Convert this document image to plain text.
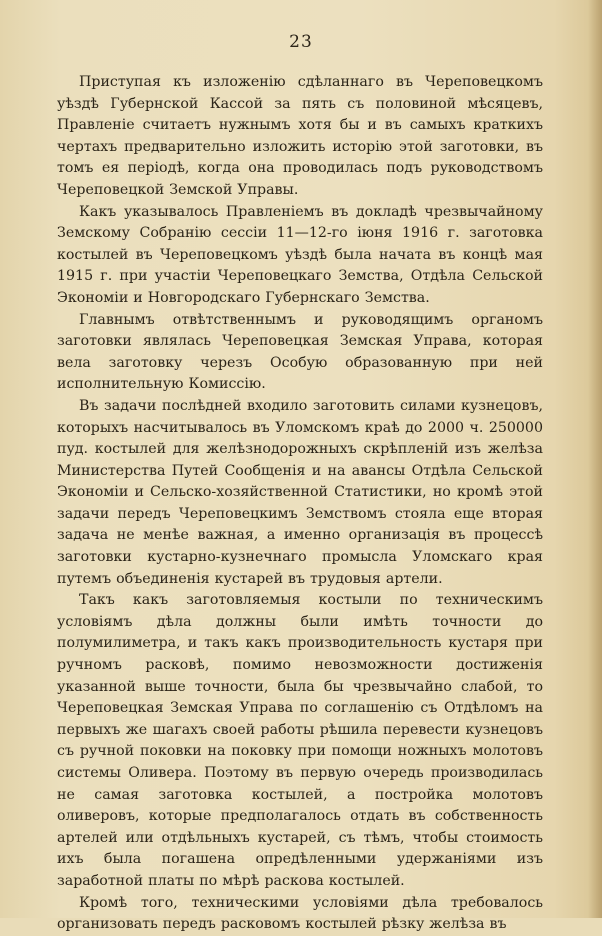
23

Приступая къ изложенію сдѣланнаго въ Череповецкомъ уѣздѣ Губернской Кассой за пять съ половиной мѣсяцевъ, Правленіе считаетъ нужнымъ хотя бы и въ самыхъ краткихъ чертахъ предварительно изложить исторію этой заготовки, въ томъ ея періодѣ, когда она проводилась подъ руководствомъ Череповецкой Земской Управы.

Какъ указывалось Правленіемъ въ докладѣ чрезвычайному Земскому Собранію сессіи 11—12-го іюня 1916 г. заготовка костылей въ Череповецкомъ уѣздѣ была начата въ концѣ мая 1915 г. при участіи Череповецкаго Земства, Отдѣла Сельской Экономіи и Новгородскаго Губернскаго Земства.

Главнымъ отвѣтственнымъ и руководящимъ органомъ заготовки являлась Череповецкая Земская Управа, которая вела заготовку черезъ Особую образованную при ней исполнительную Комиссію.

Въ задачи послѣдней входило заготовить силами кузнецовъ, которыхъ насчитывалось въ Уломскомъ краѣ до 2000 ч. 250000 пуд. костылей для желѣзнодорожныхъ скрѣпленій изъ желѣза Министерства Путей Сообщенія и на авансы Отдѣла Сельской Экономіи и Сельско-хозяйственной Статистики, но кромѣ этой задачи передъ Череповецкимъ Земствомъ стояла еще вторая задача не менѣе важная, а именно организація въ процессѣ заготовки кустарно-кузнечнаго промысла Уломскаго края путемъ объединенія кустарей въ трудовыя артели.

Такъ какъ заготовляемыя костыли по техническимъ условіямъ дѣла должны были имѣть точности до полумилиметра, и такъ какъ производительность кустаря при ручномъ расковѣ, помимо невозможности достиженія указанной выше точности, была бы чрезвычайно слабой, то Череповецкая Земская Управа по соглашенію съ Отдѣломъ на первыхъ же шагахъ своей работы рѣшила перевести кузнецовъ съ ручной поковки на поковку при помощи ножныхъ молотовъ системы Оливера. Поэтому въ первую очередь производилась не самая заготовка костылей, а постройка молотовъ оливеровъ, которые предполагалось отдать въ собственность артелей или отдѣльныхъ кустарей, съ тѣмъ, чтобы стоимость ихъ была погашена опредѣленными удержаніями изъ заработной платы по мѣрѣ раскова костылей.

Кромѣ того, техническими условіями дѣла требовалось организовать передъ расковомъ костылей рѣзку желѣза въ
